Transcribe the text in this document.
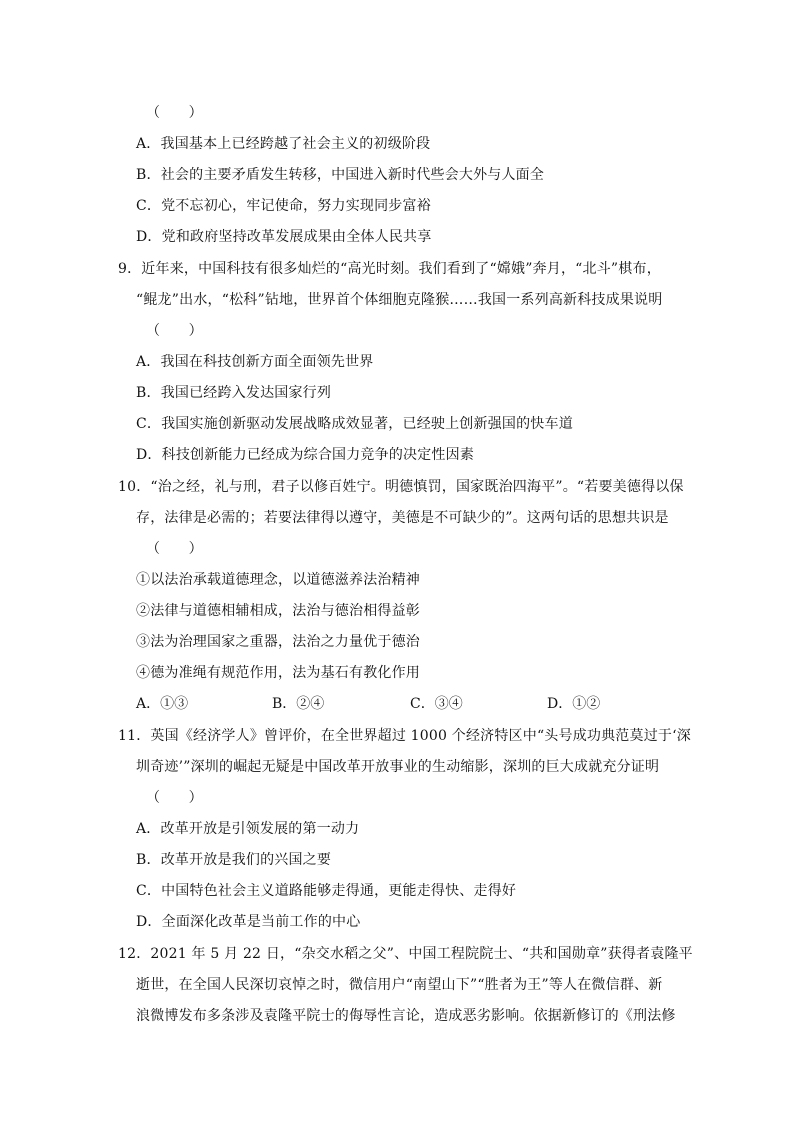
（　　）
A．我国基本上已经跨越了社会主义的初级阶段
B．社会的主要矛盾发生转移，中国进入新时代些会大外与人面全
C．党不忘初心，牢记使命，努力实现同步富裕
D．党和政府坚持改革发展成果由全体人民共享
9．近年来，中国科技有很多灿烂的“高光时刻。我们看到了“嫦娥”奔月，“北斗”棋布，
“鲲龙”出水，“松科”钻地，世界首个体细胞克隆猴……我国一系列高新科技成果说明
（　　）
A．我国在科技创新方面全面领先世界
B．我国已经跨入发达国家行列
C．我国实施创新驱动发展战略成效显著，已经驶上创新强国的快车道
D．科技创新能力已经成为综合国力竞争的决定性因素
10．“治之经，礼与刑，君子以修百姓宁。明德慎罚，国家既治四海平”。“若要美德得以保
存，法律是必需的；若要法律得以遵守，美德是不可缺少的”。这两句话的思想共识是
（　　）
①以法治承载道德理念，以道德滋养法治精神
②法律与道德相辅相成，法治与德治相得益彰
③法为治理国家之重器，法治之力量优于德治
④德为准绳有规范作用，法为基石有教化作用
A．①③	B．②④	C．③④	D．①②
11．英国《经济学人》曾评价，在全世界超过 1000 个经济特区中“头号成功典范莫过于‘深
圳奇迹’”深圳的崛起无疑是中国改革开放事业的生动缩影，深圳的巨大成就充分证明
（　　）
A．改革开放是引领发展的第一动力
B．改革开放是我们的兴国之要
C．中国特色社会主义道路能够走得通，更能走得快、走得好
D．全面深化改革是当前工作的中心
12．2021 年 5 月 22 日，“杂交水稻之父”、中国工程院院士、“共和国勋章”获得者袁隆平
逝世，在全国人民深切哀悼之时，微信用户“南望山下”“胜者为王”等人在微信群、新
浪微博发布多条涉及袁隆平院士的侮辱性言论，造成恶劣影响。依据新修订的《刑法修
